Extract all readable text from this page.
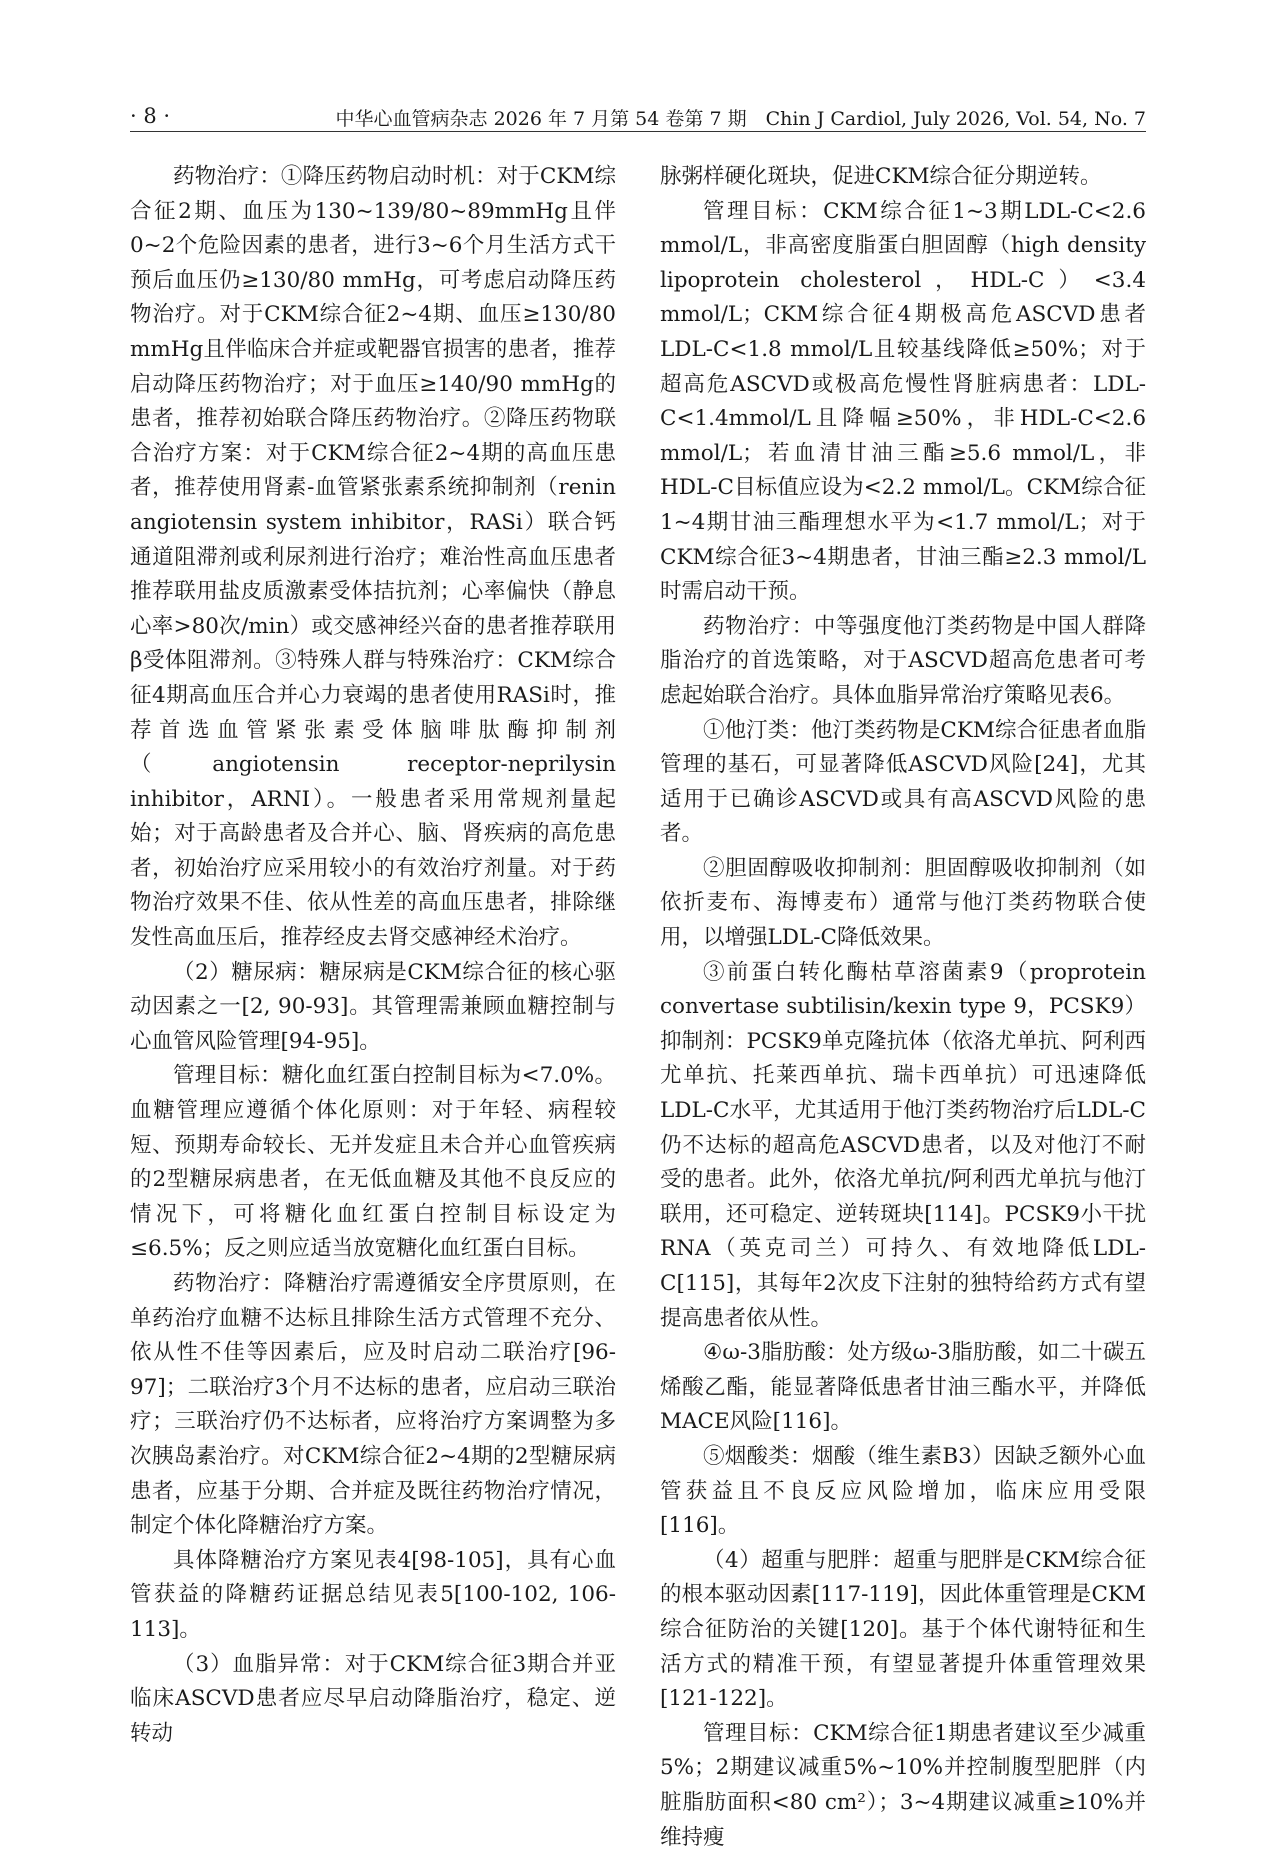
· 8 ·	中华心血管病杂志 2026 年 7 月第 54 卷第 7 期　Chin J Cardiol, July 2026, Vol. 54, No. 7

药物治疗：①降压药物启动时机：对于CKM综合征2期、血压为130~139/80~89mmHg且伴0~2个危险因素的患者，进行3~6个月生活方式干预后血压仍≥130/80 mmHg，可考虑启动降压药物治疗。对于CKM综合征2~4期、血压≥130/80 mmHg且伴临床合并症或靶器官损害的患者，推荐启动降压药物治疗；对于血压≥140/90 mmHg的患者，推荐初始联合降压药物治疗。②降压药物联合治疗方案：对于CKM综合征2~4期的高血压患者，推荐使用肾素-血管紧张素系统抑制剂（renin angiotensin system inhibitor，RASi）联合钙通道阻滞剂或利尿剂进行治疗；难治性高血压患者推荐联用盐皮质激素受体拮抗剂；心率偏快（静息心率>80次/min）或交感神经兴奋的患者推荐联用β受体阻滞剂。③特殊人群与特殊治疗：CKM综合征4期高血压合并心力衰竭的患者使用RASi时，推荐首选血管紧张素受体脑啡肽酶抑制剂（angiotensin receptor-neprilysin inhibitor，ARNI）。一般患者采用常规剂量起始；对于高龄患者及合并心、脑、肾疾病的高危患者，初始治疗应采用较小的有效治疗剂量。对于药物治疗效果不佳、依从性差的高血压患者，排除继发性高血压后，推荐经皮去肾交感神经术治疗。

（2）糖尿病：糖尿病是CKM综合征的核心驱动因素之一[2, 90-93]。其管理需兼顾血糖控制与心血管风险管理[94-95]。

管理目标：糖化血红蛋白控制目标为<7.0%。血糖管理应遵循个体化原则：对于年轻、病程较短、预期寿命较长、无并发症且未合并心血管疾病的2型糖尿病患者，在无低血糖及其他不良反应的情况下，可将糖化血红蛋白控制目标设定为≤6.5%；反之则应适当放宽糖化血红蛋白目标。

药物治疗：降糖治疗需遵循安全序贯原则，在单药治疗血糖不达标且排除生活方式管理不充分、依从性不佳等因素后，应及时启动二联治疗[96-97]；二联治疗3个月不达标的患者，应启动三联治疗；三联治疗仍不达标者，应将治疗方案调整为多次胰岛素治疗。对CKM综合征2~4期的2型糖尿病患者，应基于分期、合并症及既往药物治疗情况，制定个体化降糖治疗方案。

具体降糖治疗方案见表4[98-105]，具有心血管获益的降糖药证据总结见表5[100-102, 106-113]。

（3）血脂异常：对于CKM综合征3期合并亚临床ASCVD患者应尽早启动降脂治疗，稳定、逆转动

脉粥样硬化斑块，促进CKM综合征分期逆转。

管理目标：CKM综合征1~3期LDL-C<2.6 mmol/L，非高密度脂蛋白胆固醇（high density lipoprotein cholesterol，HDL-C）<3.4 mmol/L；CKM综合征4期极高危ASCVD患者LDL-C<1.8 mmol/L且较基线降低≥50%；对于超高危ASCVD或极高危慢性肾脏病患者：LDL-C<1.4mmol/L且降幅≥50%，非HDL-C<2.6 mmol/L；若血清甘油三酯≥5.6 mmol/L，非HDL-C目标值应设为<2.2 mmol/L。CKM综合征1~4期甘油三酯理想水平为<1.7 mmol/L；对于CKM综合征3~4期患者，甘油三酯≥2.3 mmol/L时需启动干预。

药物治疗：中等强度他汀类药物是中国人群降脂治疗的首选策略，对于ASCVD超高危患者可考虑起始联合治疗。具体血脂异常治疗策略见表6。

①他汀类：他汀类药物是CKM综合征患者血脂管理的基石，可显著降低ASCVD风险[24]，尤其适用于已确诊ASCVD或具有高ASCVD风险的患者。

②胆固醇吸收抑制剂：胆固醇吸收抑制剂（如依折麦布、海博麦布）通常与他汀类药物联合使用，以增强LDL-C降低效果。

③前蛋白转化酶枯草溶菌素9（proprotein convertase subtilisin/kexin type 9，PCSK9）抑制剂：PCSK9单克隆抗体（依洛尤单抗、阿利西尤单抗、托莱西单抗、瑞卡西单抗）可迅速降低LDL-C水平，尤其适用于他汀类药物治疗后LDL-C仍不达标的超高危ASCVD患者，以及对他汀不耐受的患者。此外，依洛尤单抗/阿利西尤单抗与他汀联用，还可稳定、逆转斑块[114]。PCSK9小干扰RNA（英克司兰）可持久、有效地降低LDL-C[115]，其每年2次皮下注射的独特给药方式有望提高患者依从性。

④ω-3脂肪酸：处方级ω-3脂肪酸，如二十碳五烯酸乙酯，能显著降低患者甘油三酯水平，并降低MACE风险[116]。

⑤烟酸类：烟酸（维生素B3）因缺乏额外心血管获益且不良反应风险增加，临床应用受限[116]。

（4）超重与肥胖：超重与肥胖是CKM综合征的根本驱动因素[117-119]，因此体重管理是CKM综合征防治的关键[120]。基于个体代谢特征和生活方式的精准干预，有望显著提升体重管理效果[121-122]。

管理目标：CKM综合征1期患者建议至少减重5%；2期建议减重5%~10%并控制腹型肥胖（内脏脂肪面积<80 cm²）；3~4期建议减重≥10%并维持瘦
